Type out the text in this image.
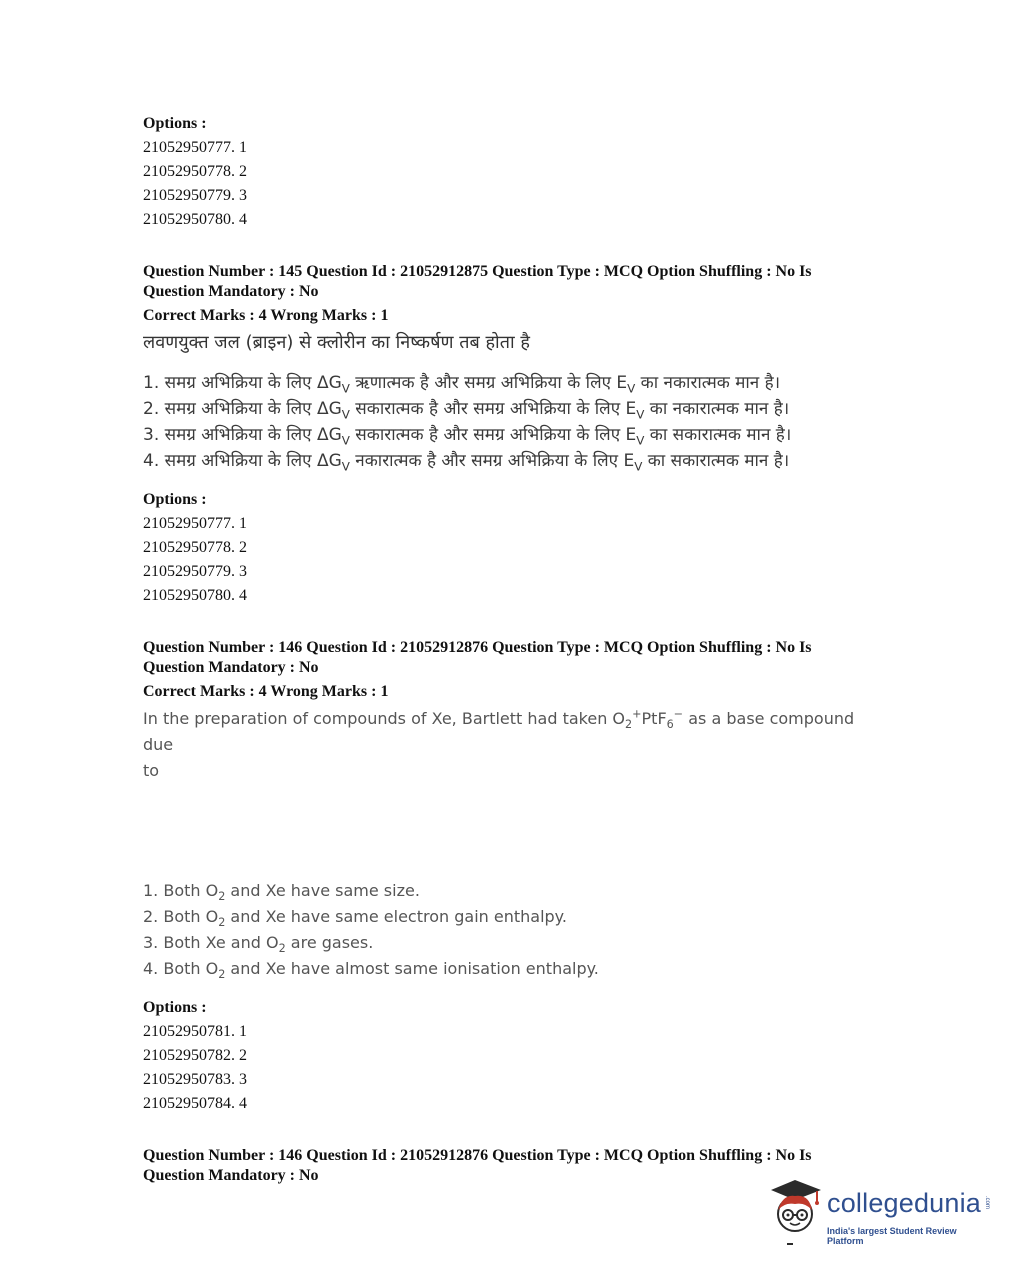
Options :
21052950777. 1
21052950778. 2
21052950779. 3
21052950780. 4
Question Number : 145 Question Id : 21052912875 Question Type : MCQ Option Shuffling : No Is
Question Mandatory : No
Correct Marks : 4 Wrong Marks : 1
लवणयुक्त जल (ब्राइन) से क्लोरीन का निष्कर्षण तब होता है
1. समग्र अभिक्रिया के लिए $\Delta G_V$ ऋणात्मक है और समग्र अभिक्रिया के लिए $E_V$ का नकारात्मक मान है।
2. समग्र अभिक्रिया के लिए $\Delta G_V$ सकारात्मक है और समग्र अभिक्रिया के लिए $E_V$ का नकारात्मक मान है।
3. समग्र अभिक्रिया के लिए $\Delta G_V$ सकारात्मक है और समग्र अभिक्रिया के लिए $E_V$ का सकारात्मक मान है।
4. समग्र अभिक्रिया के लिए $\Delta G_V$ नकारात्मक है और समग्र अभिक्रिया के लिए $E_V$ का सकारात्मक मान है।
Options :
21052950777. 1
21052950778. 2
21052950779. 3
21052950780. 4
Question Number : 146 Question Id : 21052912876 Question Type : MCQ Option Shuffling : No Is
Question Mandatory : No
Correct Marks : 4 Wrong Marks : 1
In the preparation of compounds of Xe, Bartlett had taken $O_2^+PtF_6^-$ as a base compound due
to
1. Both $O_2$ and Xe have same size.
2. Both $O_2$ and Xe have same electron gain enthalpy.
3. Both Xe and $O_2$ are gases.
4. Both $O_2$ and Xe have almost same ionisation enthalpy.
Options :
21052950781. 1
21052950782. 2
21052950783. 3
21052950784. 4
Question Number : 146 Question Id : 21052912876 Question Type : MCQ Option Shuffling : No Is
Question Mandatory : No
collegedunia .com
India's largest Student Review Platform
